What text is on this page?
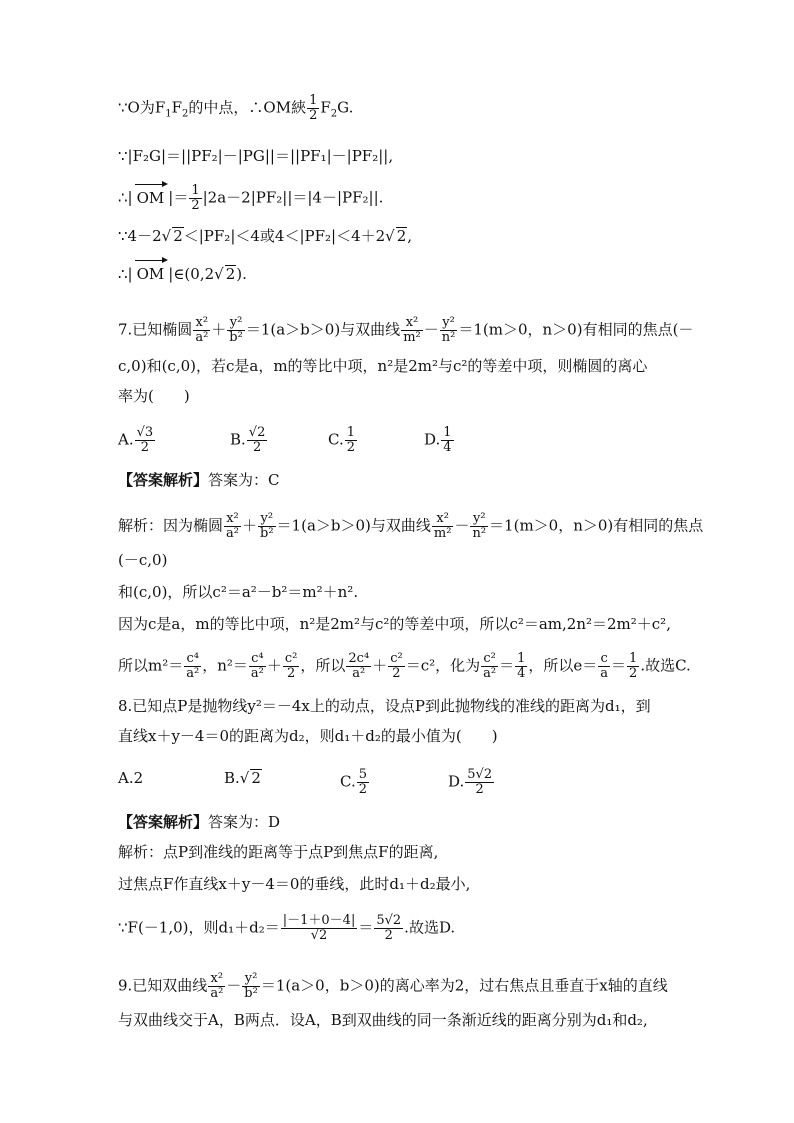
∵O为$F_1F_2$的中点，∴OM綊 $\frac{1}{2} F_2G$.
∵|F₂G|＝||PF₂|－|PG||＝||PF₁|－|PF₂||,
∴| OM |＝ $\frac{1}{2} |2a-2|PF_2||=|4-|PF_2||$.
∵4－2√ 2＜|PF₂|＜4或4＜|PF₂|＜4＋2√ 2,
∴| OM |∈(0,2√ 2).
7.已知椭圆 $\frac{\text{x²}}{\text{a²}} + \frac{\text{y²}}{\text{b²}} =1(a>b>0)$与双曲线 $\frac{\text{x²}}{\text{m²}} - \frac{\text{y²}}{\text{n²}} =1(m>0$，n＞0)有相同的焦点(－
c,0)和(c,0)，若c是a，m的等比中项，n²是2m²与c²的等差中项，则椭圆的离心
率为(　　)
A. $\frac{√3}{2}$	B. $\frac{√2}{2}$	C. $\frac{1}{2}$	D. $\frac{1}{4}$
【答案解析】答案为：C
解析：因为椭圆 $\frac{\text{x²}}{\text{a²}} + \frac{\text{y²}}{\text{b²}} =1(a>b>0)$与双曲线 $\frac{\text{x²}}{\text{m²}} - \frac{\text{y²}}{\text{n²}} =1(m>0$，n＞0)有相同的焦点
(－c,0)
和(c,0)，所以c²＝a²－b²＝m²＋n².
因为c是a，m的等比中项，n²是2m²与c²的等差中项，所以c²＝am,2n²＝2m²＋c²,
所以$m^2= \frac{\text{c⁴}}{\text{a²}}$ ，$n^2= \frac{\text{c⁴}}{\text{a²}} + \frac{\text{c²}}{2}$ ，所以 $\frac{\text{2c⁴}}{\text{a²}} + \frac{\text{c²}}{2} =c^2$，化为 $\frac{\text{c²}}{\text{a²}} = \frac{1}{4}$ ，所以$e= \frac{c}{a} = \frac{1}{2}$ .故选C.
8.已知点P是抛物线y²＝－4x上的动点，设点P到此抛物线的准线的距离为d₁，到
直线x＋y－4＝0的距离为d₂，则d₁＋d₂的最小值为(　　)
A.2	B.√ 2	C. $\frac{5}{2}$	D. $\frac{5√2}{2}$
【答案解析】答案为：D
解析：点P到准线的距离等于点P到焦点F的距离,
过焦点F作直线x＋y－4＝0的垂线，此时d₁＋d₂最小,
∵F(－1,0)，则$d_1+d_2= \frac{|-1+0-4|}{√2} = \frac{5√2}{2}$ .故选D.
9.已知双曲线 $\frac{\text{x²}}{\text{a²}} - \frac{\text{y²}}{\text{b²}} =1(a>0$，b＞0)的离心率为2，过右焦点且垂直于x轴的直线
与双曲线交于A，B两点．设A，B到双曲线的同一条渐近线的距离分别为d₁和d₂,
